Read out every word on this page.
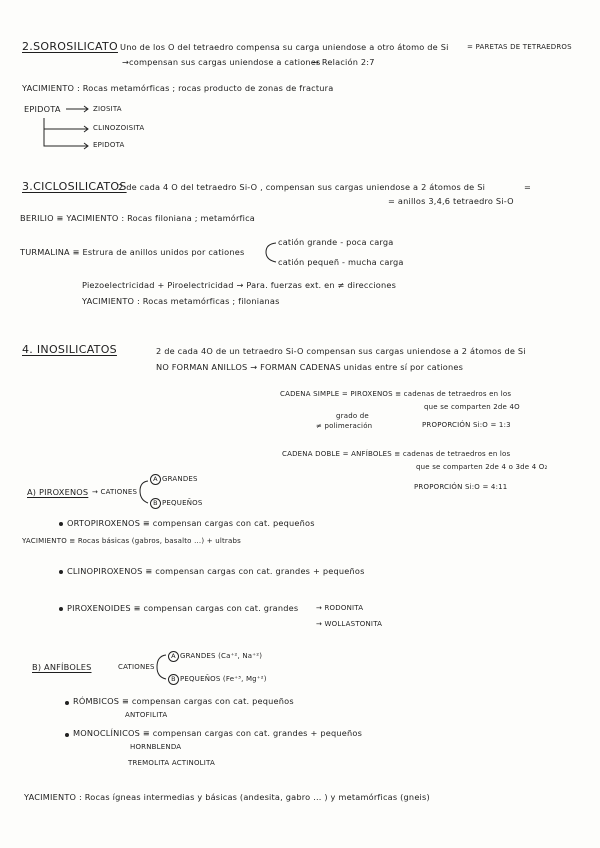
2.SOROSILICATO Uno de los O del tetraedro compensa su carga uniendose a otro átomo de Si	= PARETAS DE TETRAEDROS
→compensan sus cargas uniendose a cationes
→ Relación 2:7
YACIMIENTO : Rocas metamórficas ; rocas producto de zonas de fractura
EPIDOTA	ZIOSITA
CLINOZOISITA
EPIDOTA
3.CICLOSILICATOS
2 de cada 4 O del tetraedro Si-O , compensan sus cargas uniendose a 2 átomos de Si	=
= anillos 3,4,6 tetraedro Si-O
BERILIO ≡ YACIMIENTO : Rocas filoniana ; metamórfica
TURMALINA ≡ Estrura de anillos unidos por cationes
catión grande - poca carga
catión pequeñ - mucha carga
Piezoelectricidad + Piroelectricidad → Para. fuerzas ext. en ≠ direcciones
YACIMIENTO : Rocas metamórficas ; filonianas
4. INOSILICATOS	2 de cada 4O de un tetraedro Si-O compensan sus cargas uniendose a 2 átomos de Si
NO FORMAN ANILLOS → FORMAN CADENAS unidas entre sí por cationes
CADENA SIMPLE = PIROXENOS ≡ cadenas de tetraedros en los
que se comparten 2de 4O
grado de
≠ polimeración	PROPORCIÓN Si:O = 1:3
CADENA DOBLE = ANFÍBOLES ≡ cadenas de tetraedros en los
que se comparten 2de 4 o 3de 4 O₂
PROPORCIÓN Si:O = 4:11
A) PIROXENOS → CATIONES
A GRANDES
B PEQUEÑOS
ORTOPIROXENOS ≡ compensan cargas con cat. pequeños
YACIMIENTO ≡ Rocas básicas (gabros, basalto ...) + ultrabs
CLINOPIROXENOS ≡ compensan cargas con cat. grandes + pequeños
PIROXENOIDES ≡ compensan cargas con cat. grandes	→ RODONITA
→ WOLLASTONITA
B) ANFÍBOLES	CATIONES
A GRANDES (Ca⁺², Na⁺²)
B PEQUEÑOS (Fe⁺³, Mg⁺²)
RÓMBICOS ≡ compensan cargas con cat. pequeños
ANTOFILITA
MONOCLÍNICOS ≡ compensan cargas con cat. grandes + pequeños
HORNBLENDA
TREMOLITA ACTINOLITA
YACIMIENTO : Rocas ígneas intermedias y básicas (andesita, gabro ... ) y metamórficas (gneis)
